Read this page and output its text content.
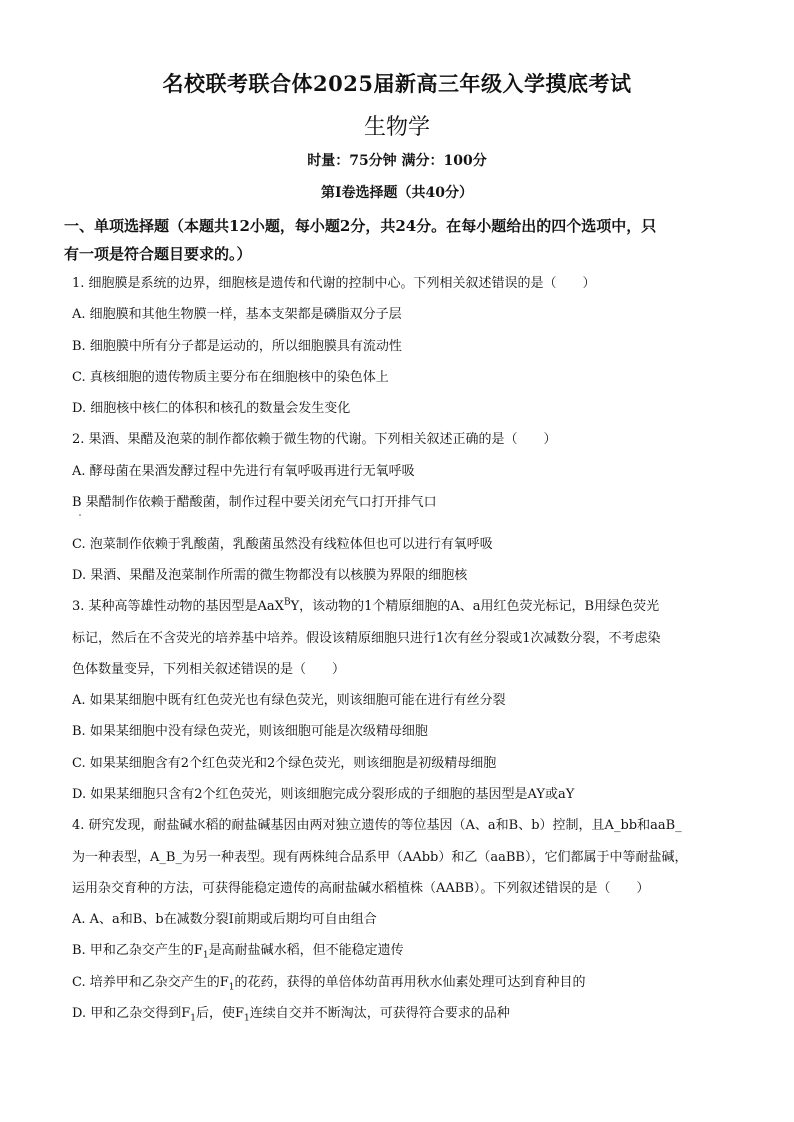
名校联考联合体2025届新高三年级入学摸底考试
生物学
时量：75分钟 满分：100分
第Ⅰ卷选择题（共40分）
一、单项选择题（本题共12小题，每小题2分，共24分。在每小题给出的四个选项中，只
有一项是符合题目要求的。）
1. 细胞膜是系统的边界，细胞核是遗传和代谢的控制中心。下列相关叙述错误的是（　　）
A. 细胞膜和其他生物膜一样，基本支架都是磷脂双分子层
B. 细胞膜中所有分子都是运动的，所以细胞膜具有流动性
C. 真核细胞的遗传物质主要分布在细胞核中的染色体上
D. 细胞核中核仁的体积和核孔的数量会发生变化
2. 果酒、果醋及泡菜的制作都依赖于微生物的代谢。下列相关叙述正确的是（　　）
A. 酵母菌在果酒发酵过程中先进行有氧呼吸再进行无氧呼吸
B 果醋制作依赖于醋酸菌，制作过程中要关闭充气口打开排气口
C. 泡菜制作依赖于乳酸菌，乳酸菌虽然没有线粒体但也可以进行有氧呼吸
D. 果酒、果醋及泡菜制作所需的微生物都没有以核膜为界限的细胞核
3. 某种高等雄性动物的基因型是AaX$^B$Y，该动物的1个精原细胞的A、a用红色荧光标记，B用绿色荧光
标记，然后在不含荧光的培养基中培养。假设该精原细胞只进行1次有丝分裂或1次减数分裂，不考虑染
色体数量变异，下列相关叙述错误的是（　　）
A. 如果某细胞中既有红色荧光也有绿色荧光，则该细胞可能在进行有丝分裂
B. 如果某细胞中没有绿色荧光，则该细胞可能是次级精母细胞
C. 如果某细胞含有2个红色荧光和2个绿色荧光，则该细胞是初级精母细胞
D. 如果某细胞只含有2个红色荧光，则该细胞完成分裂形成的子细胞的基因型是AY或aY
4. 研究发现，耐盐碱水稻的耐盐碱基因由两对独立遗传的等位基因（A、a和B、b）控制，且A_bb和aaB_
为一种表型，A_B_为另一种表型。现有两株纯合品系甲（AAbb）和乙（aaBB），它们都属于中等耐盐碱，
运用杂交育种的方法，可获得能稳定遗传的高耐盐碱水稻植株（AABB）。下列叙述错误的是（　　）
A. A、a和B、b在减数分裂Ⅰ前期或后期均可自由组合
B. 甲和乙杂交产生的$F_1$是高耐盐碱水稻，但不能稳定遗传
C. 培养甲和乙杂交产生的$F_1$的花药，获得的单倍体幼苗再用秋水仙素处理可达到育种目的
D. 甲和乙杂交得到$F_1$后，使$F_1$连续自交并不断淘汰，可获得符合要求的品种
